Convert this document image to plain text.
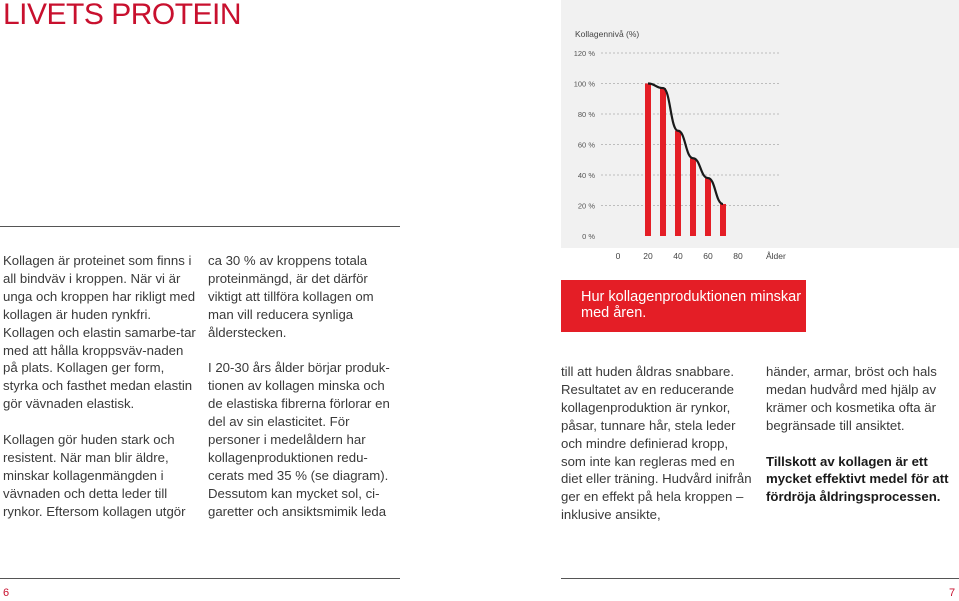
LIVETS PROTEIN
0 %
20 %
40 %
60 %
80 %
100 %
120 %
Kollagennivå (%)
0	20 40 60 80	Ålder
Hur kollagenproduktionen minskar med åren.

Kollagen är proteinet som finns i all bindväv i kroppen. När vi är unga och kroppen har rikligt med kollagen är huden rynkfri. Kollagen och elastin samarbe-tar med att hålla kroppsväv-naden på plats. Kollagen ger form, styrka och fasthet medan elastin gör vävnaden elastisk.

Kollagen gör huden stark och resistent. När man blir äldre, minskar kollagenmängden i vävnaden och detta leder till rynkor. Eftersom kollagen utgör

ca 30 % av kroppens totala proteinmängd, är det därför viktigt att tillföra kollagen om man vill reducera synliga ålderstecken.

I 20-30 års ålder börjar produk-tionen av kollagen minska och de elastiska fibrerna förlorar en del av sin elasticitet. För personer i medelåldern har kollagenproduktionen redu-cerats med 35 % (se diagram). Dessutom kan mycket sol, ci-garetter och ansiktsmimik leda

till att huden åldras snabbare. Resultatet av en reducerande kollagenproduktion är rynkor, påsar, tunnare hår, stela leder och mindre definierad kropp, som inte kan regleras med en diet eller träning. Hudvård inifrån ger en effekt på hela kroppen – inklusive ansikte,

händer, armar, bröst och hals medan hudvård med hjälp av krämer och kosmetika ofta är begränsade till ansiktet.

Tillskott av kollagen är ett mycket effektivt medel för att fördröja åldringsprocessen.

6	7
